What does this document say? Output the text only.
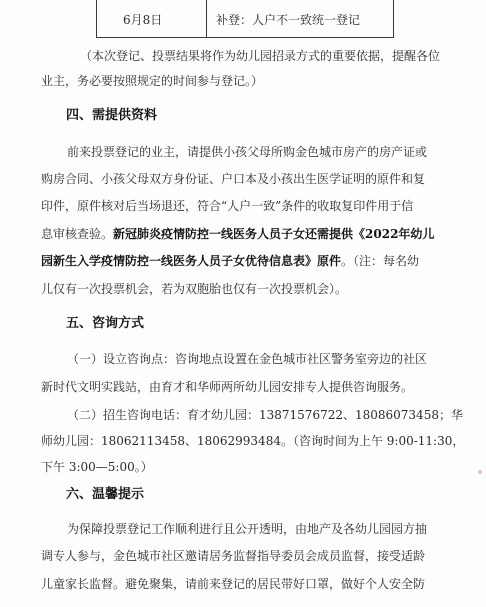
6月8日	补登：人户不一致统一登记
（本次登记、投票结果将作为幼儿园招录方式的重要依据，提醒各位
业主，务必要按照规定的时间参与登记。）
四、需提供资料
前来投票登记的业主，请提供小孩父母所购金色城市房产的房产证或
购房合同、小孩父母双方身份证、户口本及小孩出生医学证明的原件和复
印件，原件核对后当场退还，符合“人户一致”条件的收取复印件用于信
息审核查验。新冠肺炎疫情防控一线医务人员子女还需提供《2022年幼儿
园新生入学疫情防控一线医务人员子女优待信息表》原件。（注：每名幼
儿仅有一次投票机会，若为双胞胎也仅有一次投票机会）。
五、咨询方式
（一）设立咨询点：咨询地点设置在金色城市社区警务室旁边的社区
新时代文明实践站，由育才和华师两所幼儿园安排专人提供咨询服务。
（二）招生咨询电话：育才幼儿园：13871576722、18086073458；华
师幼儿园：18062113458、18062993484。（咨询时间为上午 9:00-11:30，
下午 3:00—5:00。）
六、温馨提示
为保障投票登记工作顺利进行且公开透明，由地产及各幼儿园园方抽
调专人参与，金色城市社区邀请居务监督指导委员会成员监督，接受适龄
儿童家长监督。避免聚集，请前来登记的居民带好口罩，做好个人安全防
